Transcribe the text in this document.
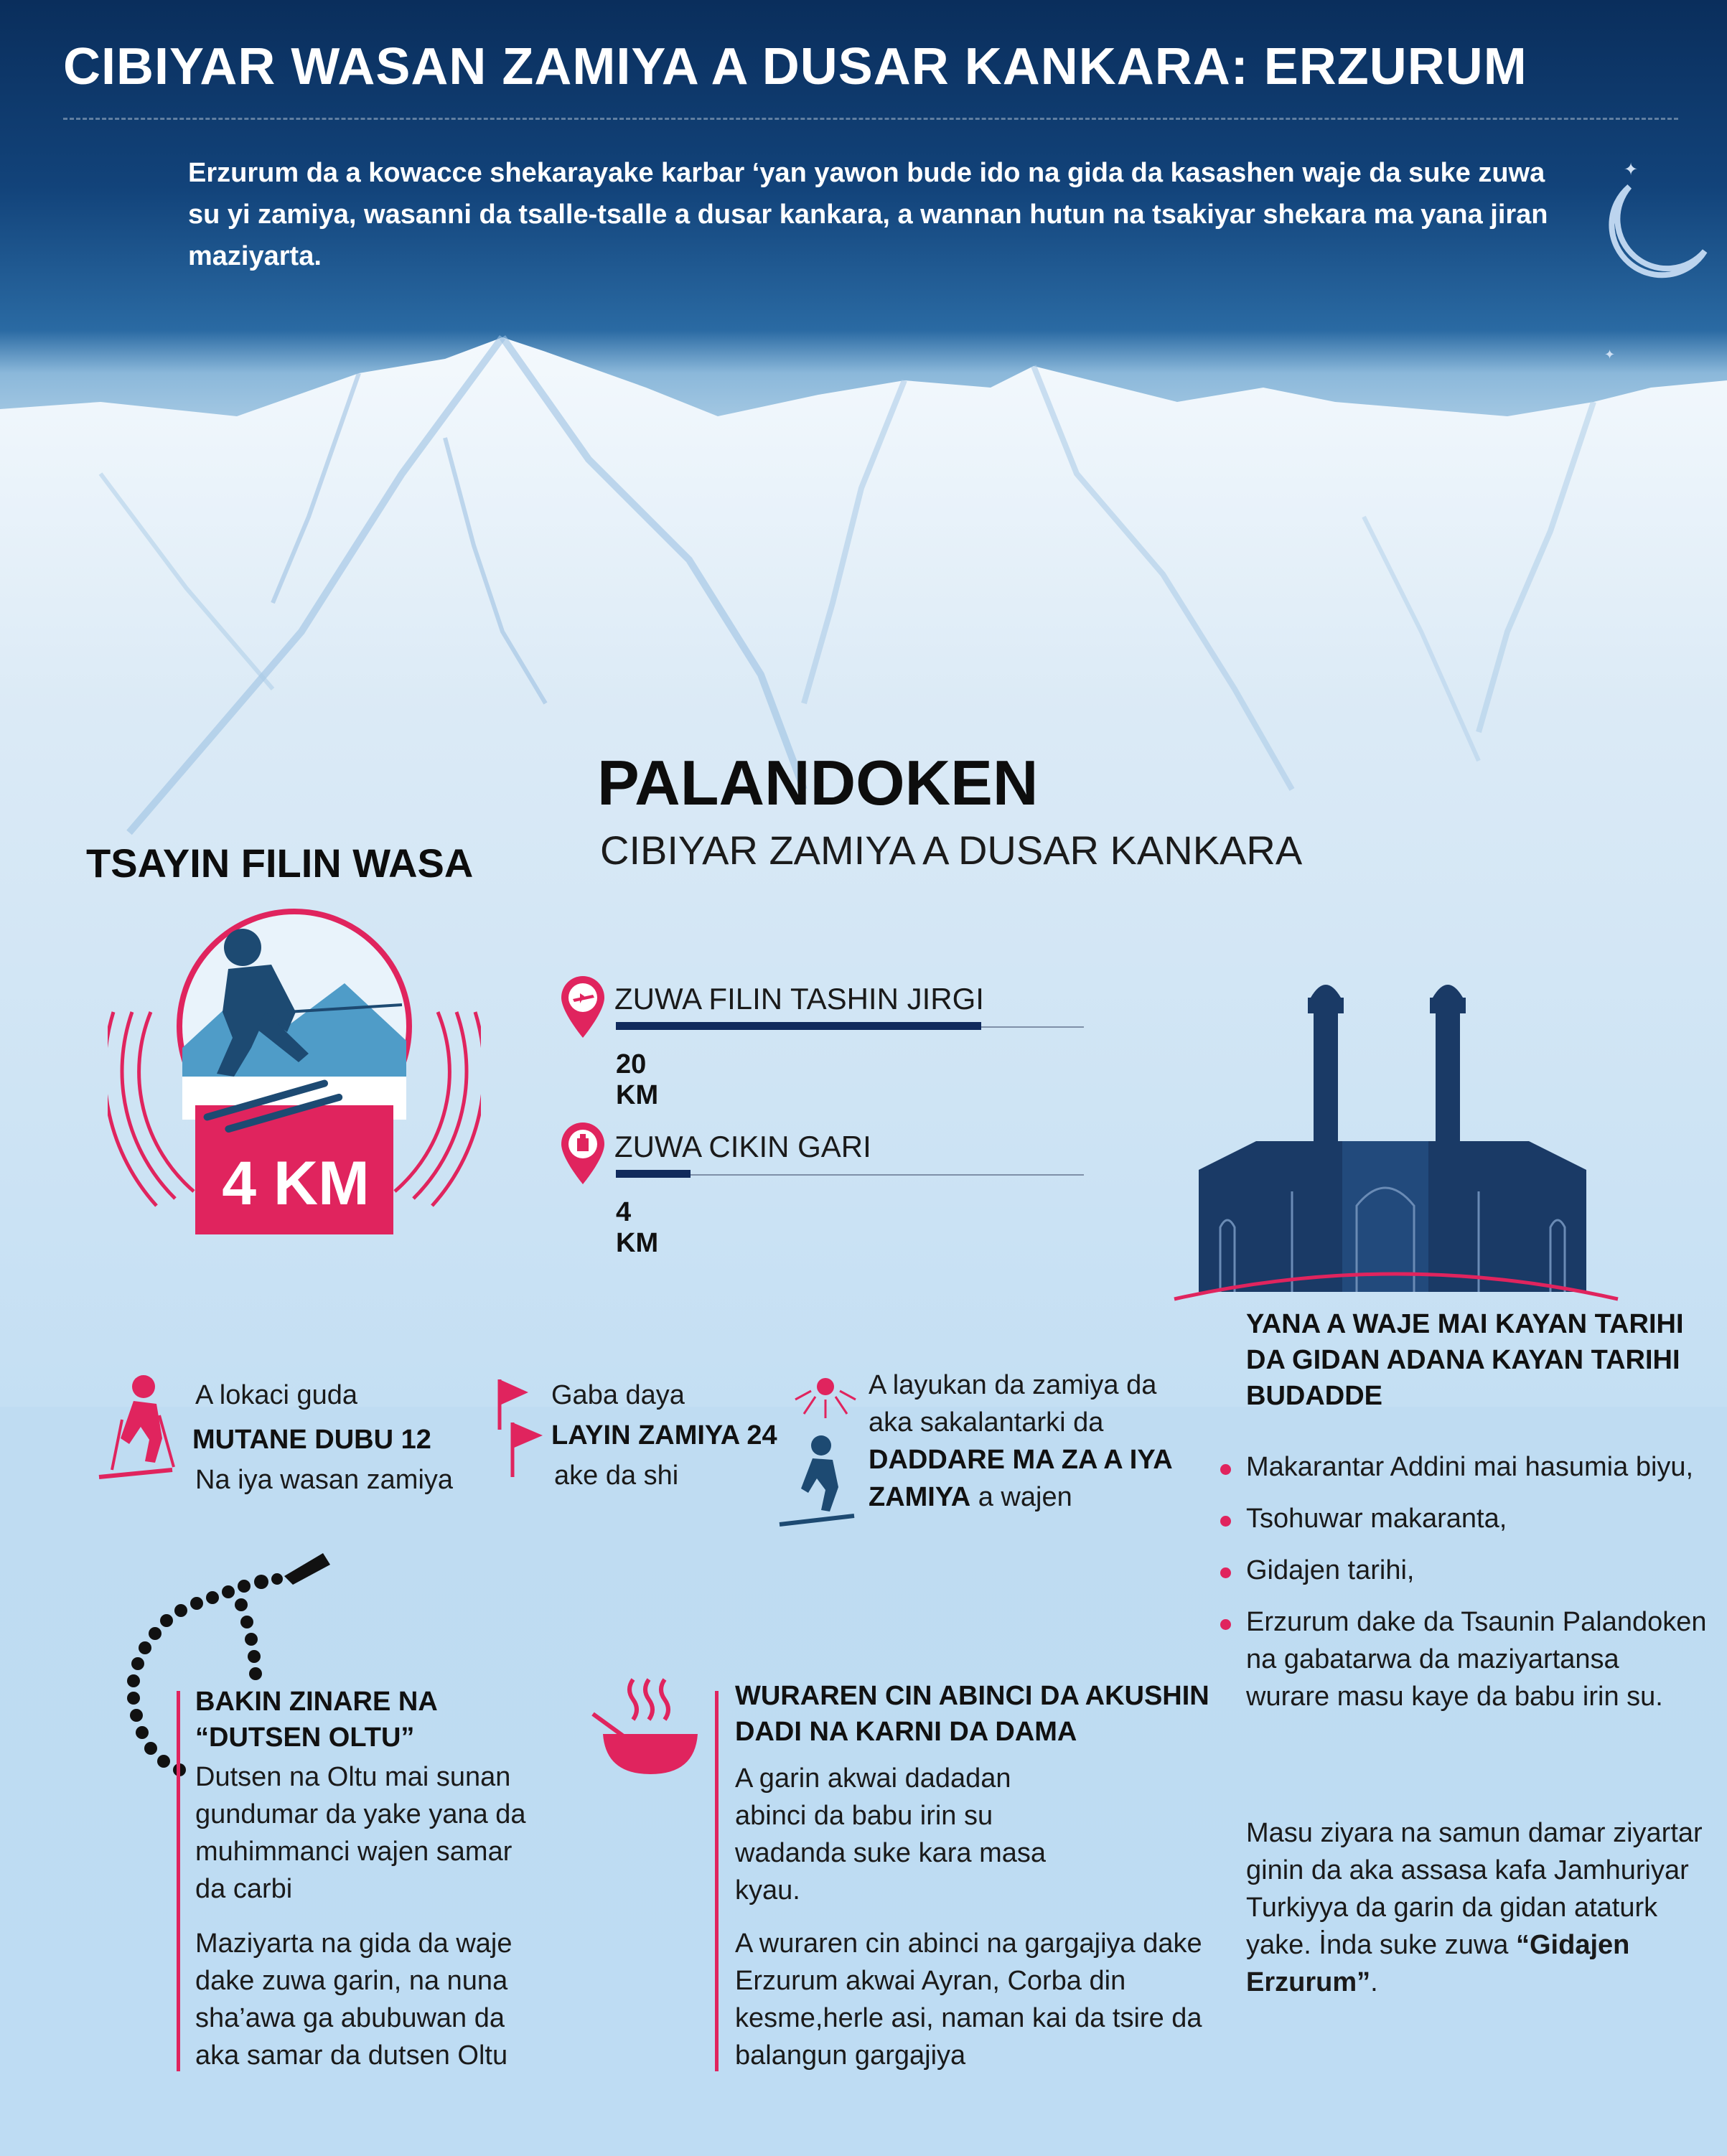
✦
✦
CIBIYAR WASAN ZAMIYA A DUSAR KANKARA: ERZURUM
Erzurum da a kowacce shekarayake karbar ‘yan yawon bude ido na gida da kasashen waje da suke zuwa su yi zamiya, wasanni da tsalle-tsalle a dusar kankara, a wannan hutun na tsakiyar shekara ma yana jiran maziyarta.
PALANDOKEN
CIBIYAR ZAMIYA A DUSAR KANKARA
TSAYIN FILIN WASA
4 KM
ZUWA FILIN TASHIN JIRGI
20 KM
ZUWA CIKIN GARI
4 KM
YANA A WAJE MAI KAYAN TARIHI DA GIDAN ADANA KAYAN TARIHI BUDADDE
Makarantar Addini mai hasumia biyu,
Tsohuwar makaranta,
Gidajen tarihi,
Erzurum dake da Tsaunin Palandoken na gabatarwa da maziyartansa wurare masu kaye da babu irin su.
Masu ziyara na samun damar ziyartar ginin da aka assasa kafa Jamhuriyar Turkiyya da garin da gidan ataturk yake. İnda suke zuwa “Gidajen Erzurum”.
A lokaci guda
MUTANE DUBU 12
Na iya wasan zamiya
Gaba daya
LAYIN ZAMIYA 24
ake da shi
A layukan da zamiya da
aka sakalantarki da
DADDARE MA ZA A IYA
ZAMIYA a wajen
BAKIN ZINARE NA “DUTSEN OLTU”
Dutsen na Oltu mai sunan gundumar da yake yana da muhimmanci wajen samar da carbi
Maziyarta na gida da waje dake zuwa garin, na nuna sha’awa ga abubuwan da aka samar da dutsen Oltu
WURAREN CIN ABINCI DA AKUSHIN DADI NA KARNI DA DAMA
A garin akwai dadadan abinci da babu irin su wadanda suke kara masa kyau.
A wuraren cin abinci na gargajiya dake Erzurum akwai Ayran, Corba din kesme,herle asi, naman kai da tsire da balangun gargajiya
